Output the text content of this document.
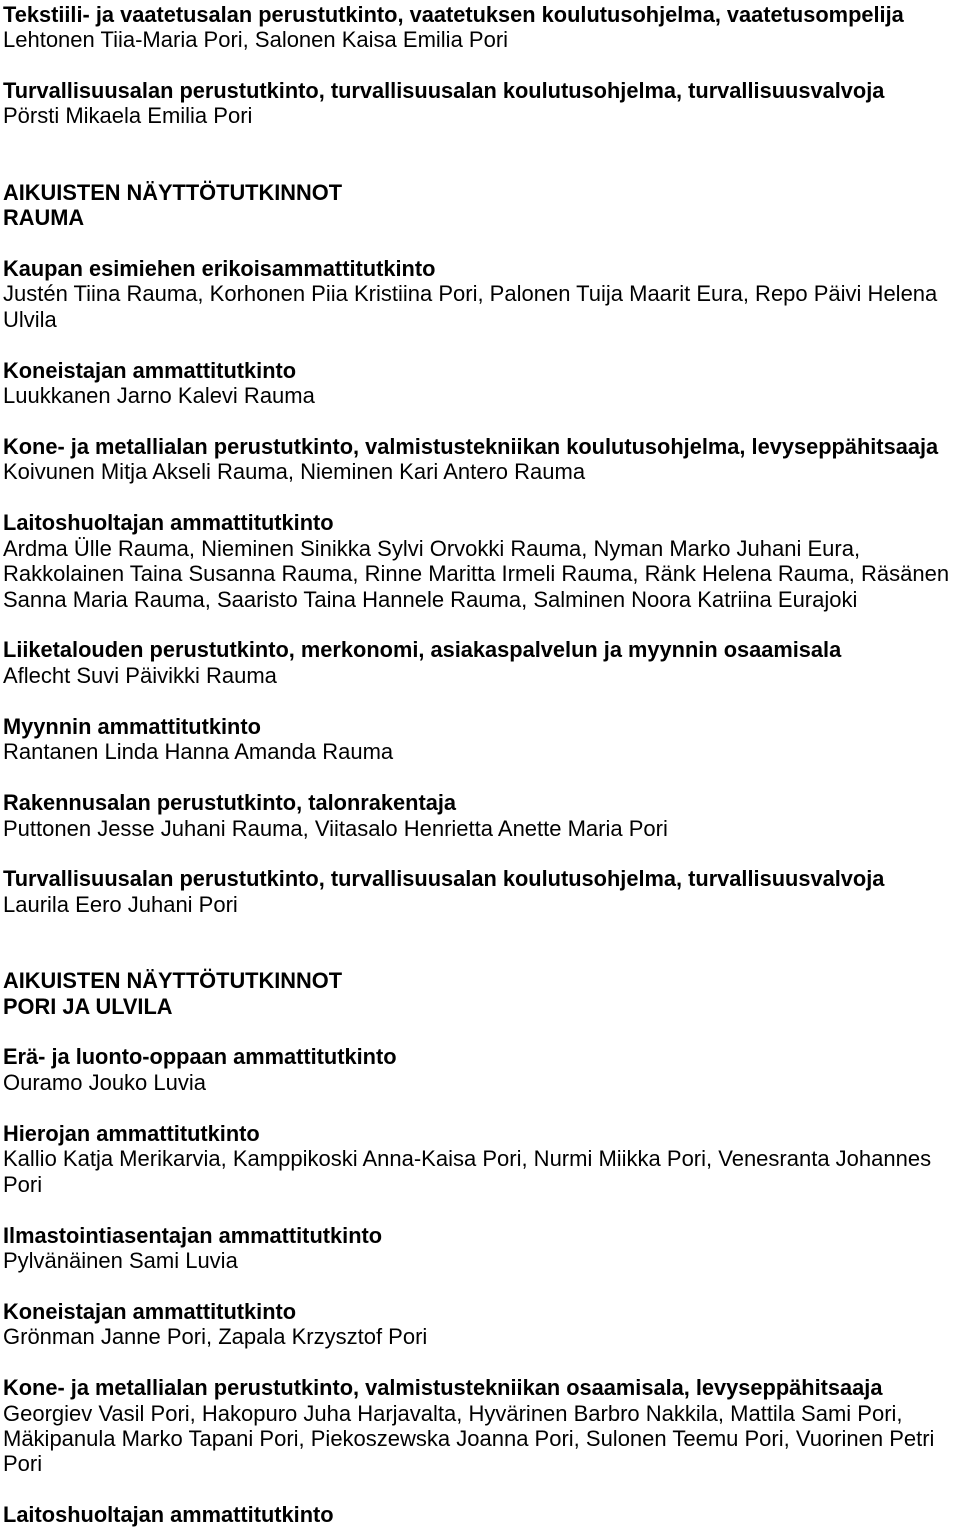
Tekstiili- ja vaatetusalan perustutkinto, vaatetuksen koulutusohjelma, vaatetusompelija
Lehtonen Tiia-Maria Pori, Salonen Kaisa Emilia Pori
Turvallisuusalan perustutkinto, turvallisuusalan koulutusohjelma, turvallisuusvalvoja
Pörsti Mikaela Emilia Pori
AIKUISTEN NÄYTTÖTUTKINNOT
RAUMA
Kaupan esimiehen erikoisammattitutkinto
Justén Tiina Rauma, Korhonen Piia Kristiina Pori, Palonen Tuija Maarit Eura, Repo Päivi Helena
Ulvila
Koneistajan ammattitutkinto
Luukkanen Jarno Kalevi Rauma
Kone- ja metallialan perustutkinto, valmistustekniikan koulutusohjelma, levyseppähitsaaja
Koivunen Mitja Akseli Rauma, Nieminen Kari Antero Rauma
Laitoshuoltajan ammattitutkinto
Ardma Ülle Rauma, Nieminen Sinikka Sylvi Orvokki Rauma, Nyman Marko Juhani Eura,
Rakkolainen Taina Susanna Rauma, Rinne Maritta Irmeli Rauma, Ränk Helena Rauma, Räsänen
Sanna Maria Rauma, Saaristo Taina Hannele Rauma, Salminen Noora Katriina Eurajoki
Liiketalouden perustutkinto, merkonomi, asiakaspalvelun ja myynnin osaamisala
Aflecht Suvi Päivikki Rauma
Myynnin ammattitutkinto
Rantanen Linda Hanna Amanda Rauma
Rakennusalan perustutkinto, talonrakentaja
Puttonen Jesse Juhani Rauma, Viitasalo Henrietta Anette Maria Pori
Turvallisuusalan perustutkinto, turvallisuusalan koulutusohjelma, turvallisuusvalvoja
Laurila Eero Juhani Pori
AIKUISTEN NÄYTTÖTUTKINNOT
PORI JA ULVILA
Erä- ja luonto-oppaan ammattitutkinto
Ouramo Jouko Luvia
Hierojan ammattitutkinto
Kallio Katja Merikarvia, Kamppikoski Anna-Kaisa Pori, Nurmi Miikka Pori, Venesranta Johannes
Pori
Ilmastointiasentajan ammattitutkinto
Pylvänäinen Sami Luvia
Koneistajan ammattitutkinto
Grönman Janne Pori, Zapala Krzysztof Pori
Kone- ja metallialan perustutkinto, valmistustekniikan osaamisala, levyseppähitsaaja
Georgiev Vasil Pori, Hakopuro Juha Harjavalta, Hyvärinen Barbro Nakkila, Mattila Sami Pori,
Mäkipanula Marko Tapani Pori, Piekoszewska Joanna Pori, Sulonen Teemu Pori, Vuorinen Petri
Pori
Laitoshuoltajan ammattitutkinto
